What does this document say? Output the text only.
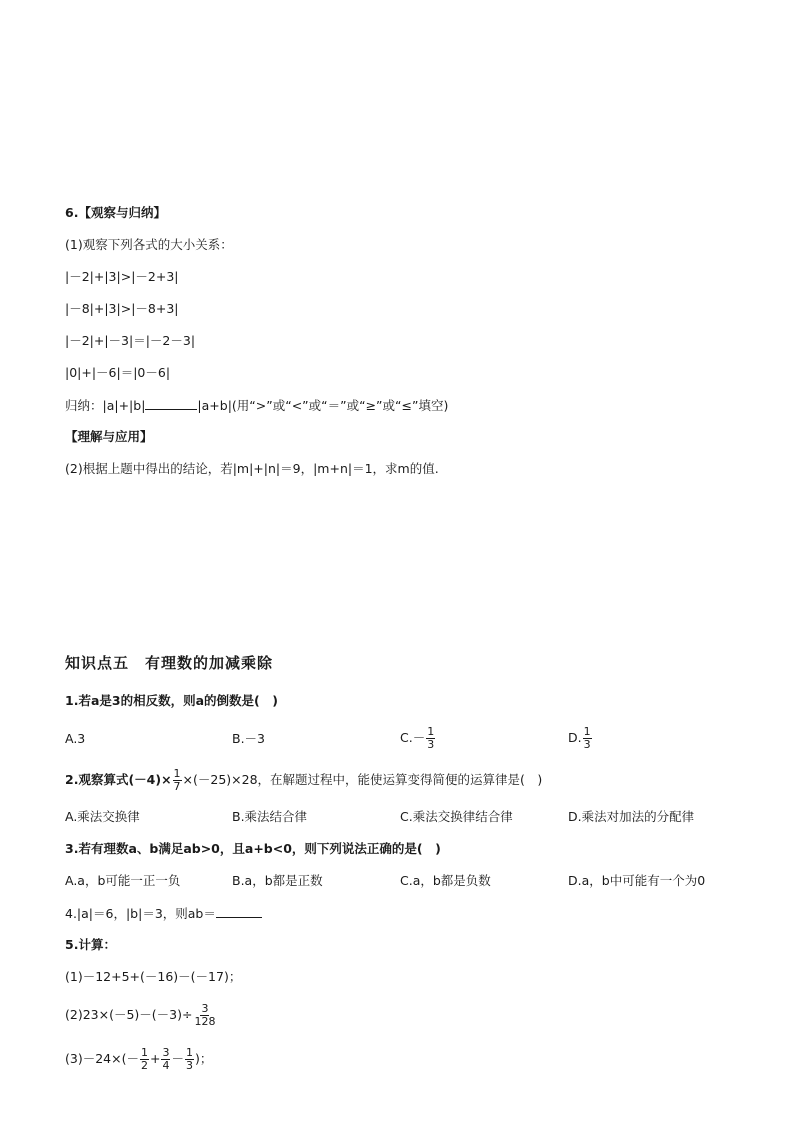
6.【观察与归纳】
(1)观察下列各式的大小关系：
|－2|+|3|>|－2+3|
|－8|+|3|>|－8+3|
|－2|+|－3|＝|－2－3|
|0|+|－6|＝|0－6|
归纳：|a|+|b|	|a+b|(用“>”或“<”或“＝”或“≥”或“≤”填空)
【理解与应用】
(2)根据上题中得出的结论，若|m|+|n|＝9，|m+n|＝1，求m的值.
知识点五　有理数的加减乘除
1.若a是3的相反数，则a的倒数是(　)
A.3	B.－3	$C.- \frac{1}{3}$	D. $\frac{1}{3}$
2.观察算式$(-4)\times \frac{1}{7} \times(-25)\times 28$，在解题过程中，能使运算变得简便的运算律是(　)
A.乘法交换律	B.乘法结合律	C.乘法交换律结合律	D.乘法对加法的分配律
3.若有理数a、b满足ab>0，且a+b<0，则下列说法正确的是(　)
A.a，b可能一正一负	B.a，b都是正数	C.a，b都是负数	D.a，b中可能有一个为0
4.|a|＝6，|b|＝3，则ab＝
5.计算：
(1)－12+5+(－16)－(－17)；
$(2)23\times(-5)-(-3)\div \frac{3}{128}$
$(3)-24\times(- \frac{1}{2} + \frac{3}{4} - \frac{1}{3}$ )；
